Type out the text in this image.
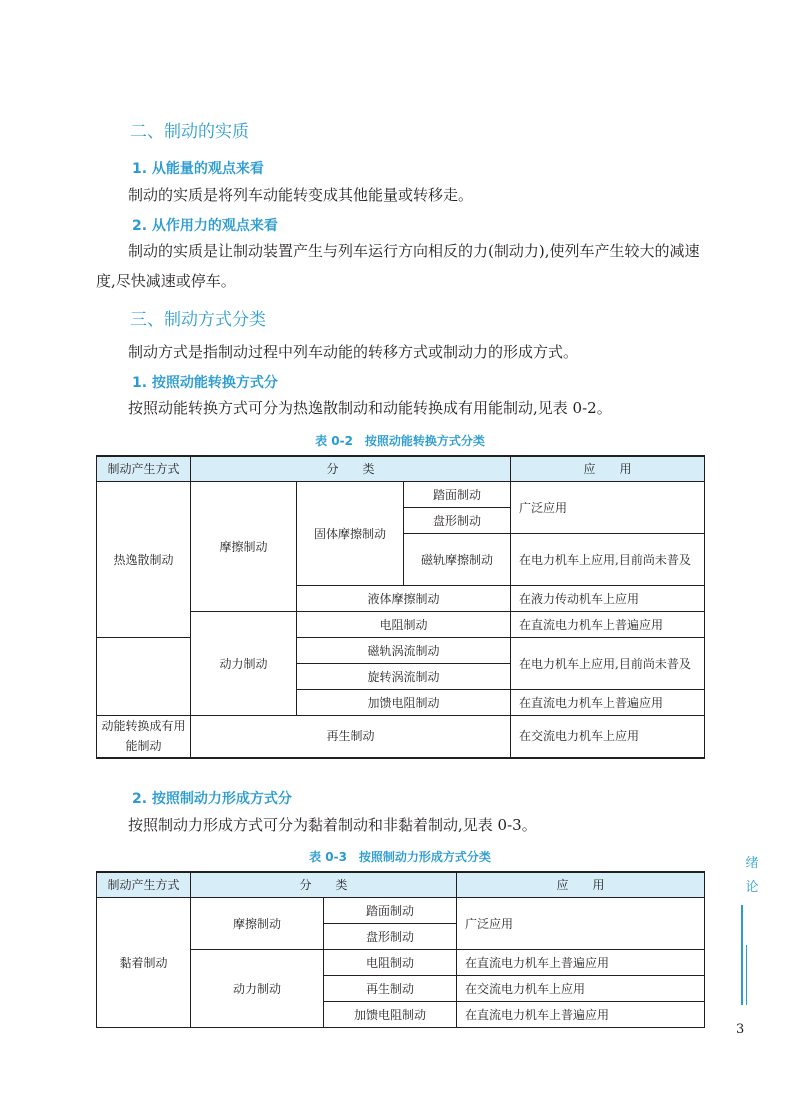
二、制动的实质
1. 从能量的观点来看

制动的实质是将列车动能转变成其他能量或转移走。

2. 从作用力的观点来看

制动的实质是让制动装置产生与列车运行方向相反的力(制动力),使列车产生较大的减速度,尽快减速或停车。

三、制动方式分类

制动方式是指制动过程中列车动能的转移方式或制动力的形成方式。

1. 按照动能转换方式分

按照动能转换方式可分为热逸散制动和动能转换成有用能制动,见表 0-2。

表 0-2　按照动能转换方式分类
制动产生方式	分　　类			应　　用
热逸散制动	摩擦制动	固体摩擦制动	踏面制动	广泛应用
			盘形制动	
			磁轨摩擦制动	在电力机车上应用,目前尚未普及
		液体摩擦制动		在液力传动机车上应用
	动力制动	电阻制动		在直流电力机车上普遍应用
		磁轨涡流制动		在电力机车上应用,目前尚未普及
		旋转涡流制动		
		加馈电阻制动		在直流电力机车上普遍应用
动能转换成有用能制动	再生制动			在交流电力机车上应用
2. 按照制动力形成方式分

按照制动力形成方式可分为黏着制动和非黏着制动,见表 0-3。

表 0-3　按照制动力形成方式分类
制动产生方式	分　　类		应　　用
黏着制动	摩擦制动	踏面制动	广泛应用
		盘形制动	
	动力制动	电阻制动	在直流电力机车上普遍应用
		再生制动	在交流电力机车上应用
		加馈电阻制动	在直流电力机车上普遍应用
绪
论
3
